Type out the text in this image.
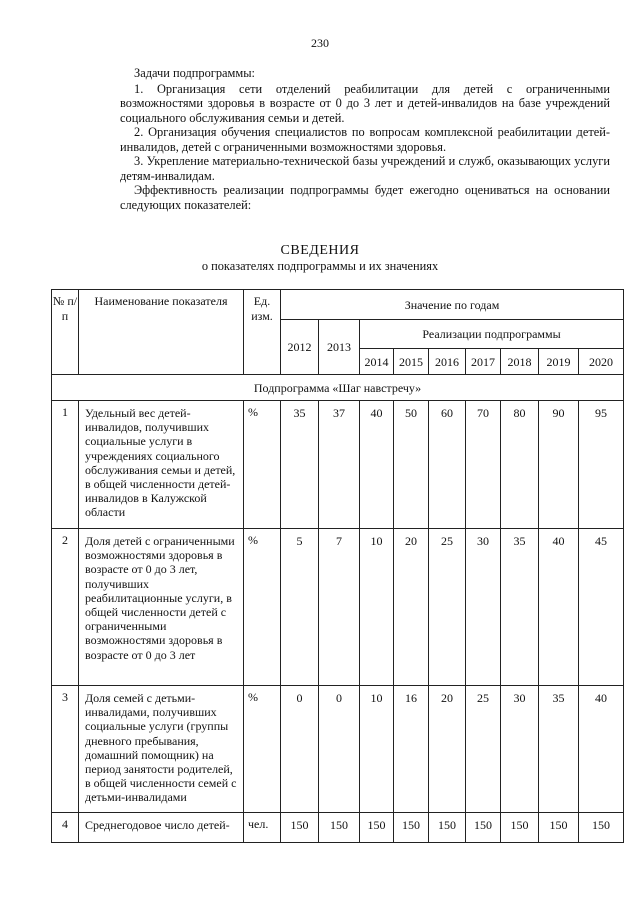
230

Задачи подпрограммы:

1. Организация сети отделений реабилитации для детей с ограниченными возможностями здоровья в возрасте от 0 до 3 лет и детей-инвалидов на базе учреждений социального обслуживания семьи и детей.

2. Организация обучения специалистов по вопросам комплексной реабилитации детей-инвалидов, детей с ограниченными возможностями здоровья.

3. Укрепление материально-технической базы учреждений и служб, оказывающих услуги детям-инвалидам.

Эффективность реализации подпрограммы будет ежегодно оцениваться на основании следующих показателей:

СВЕДЕНИЯ
о показателях подпрограммы и их значениях
№ п/п	Наименование показателя	Ед. изм.	Значение по годам								
			2012	2013	Реализации подпрограммы						
					2014	2015	2016	2017	2018	2019	2020
Подпрограмма «Шаг навстречу»											
1	Удельный вес детей-инвалидов, получивших социальные услуги в учреждениях социального обслуживания семьи и детей, в общей численности детей-инвалидов в Калужской области	%	35	37	40	50	60	70	80	90	95
2	Доля детей с ограниченными возможностями здоровья в возрасте от 0 до 3 лет, получивших реабилитационные услуги, в общей численности детей с ограниченными возможностями здоровья в возрасте от 0 до 3 лет	%	5	7	10	20	25	30	35	40	45
3	Доля семей с детьми-инвалидами, получивших социальные услуги (группы дневного пребывания, домашний помощник) на период занятости родителей, в общей численности семей с детьми-инвалидами	%	0	0	10	16	20	25	30	35	40
4	Среднегодовое число детей-	чел.	150	150	150	150	150	150	150	150	150
